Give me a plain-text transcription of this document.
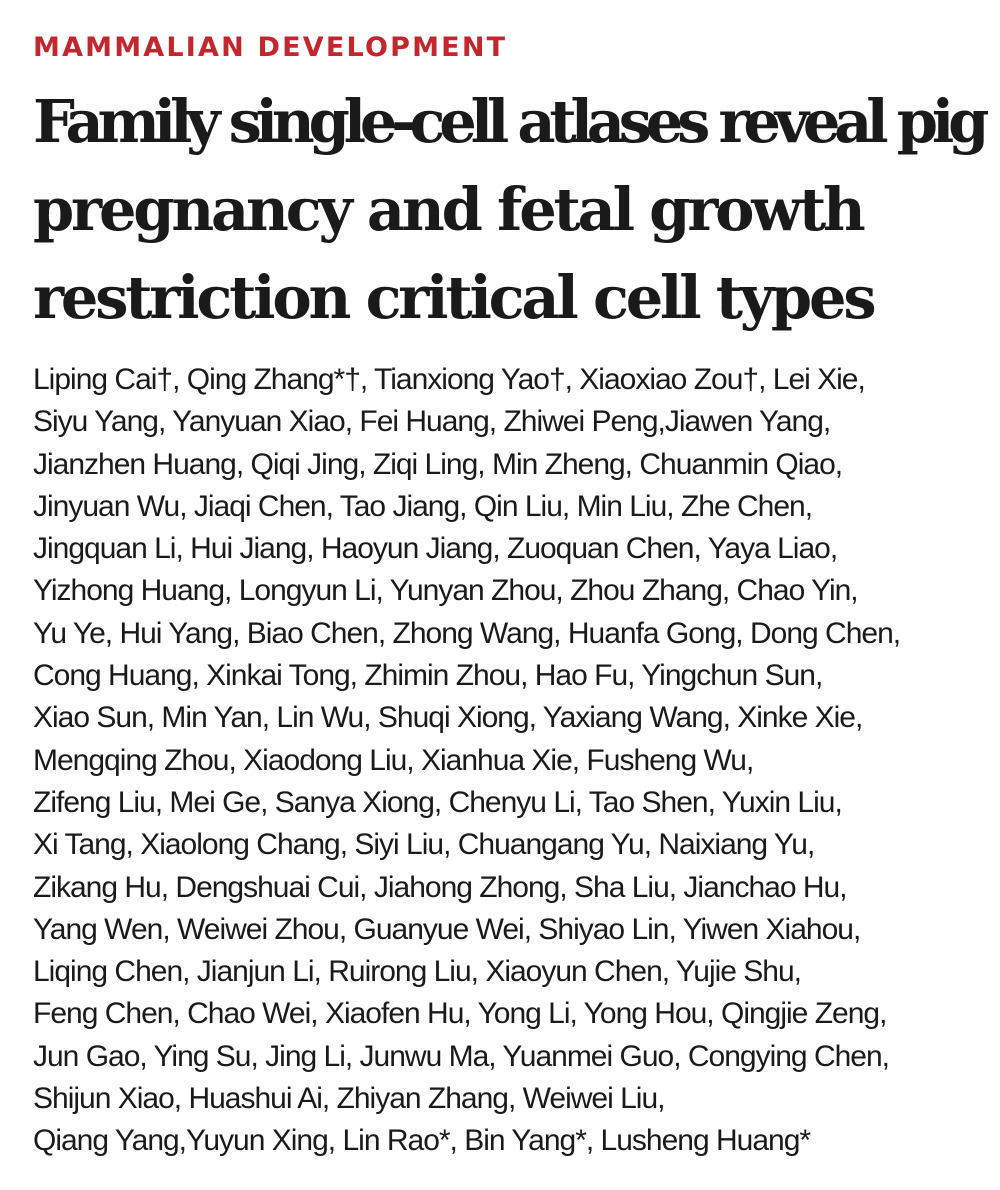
MAMMALIAN DEVELOPMENT
Family single-cell atlases reveal pig
pregnancy and fetal growth
restriction critical cell types
Liping Cai†, Qing Zhang*†, Tianxiong Yao†, Xiaoxiao Zou†, Lei Xie,
Siyu Yang, Yanyuan Xiao, Fei Huang, Zhiwei Peng,Jiawen Yang,
Jianzhen Huang, Qiqi Jing, Ziqi Ling, Min Zheng, Chuanmin Qiao,
Jinyuan Wu, Jiaqi Chen, Tao Jiang, Qin Liu, Min Liu, Zhe Chen,
Jingquan Li, Hui Jiang, Haoyun Jiang, Zuoquan Chen, Yaya Liao,
Yizhong Huang, Longyun Li, Yunyan Zhou, Zhou Zhang, Chao Yin,
Yu Ye, Hui Yang, Biao Chen, Zhong Wang, Huanfa Gong, Dong Chen,
Cong Huang, Xinkai Tong, Zhimin Zhou, Hao Fu, Yingchun Sun,
Xiao Sun, Min Yan, Lin Wu, Shuqi Xiong, Yaxiang Wang, Xinke Xie,
Mengqing Zhou, Xiaodong Liu, Xianhua Xie, Fusheng Wu,
Zifeng Liu, Mei Ge, Sanya Xiong, Chenyu Li, Tao Shen, Yuxin Liu,
Xi Tang, Xiaolong Chang, Siyi Liu, Chuangang Yu, Naixiang Yu,
Zikang Hu, Dengshuai Cui, Jiahong Zhong, Sha Liu, Jianchao Hu,
Yang Wen, Weiwei Zhou, Guanyue Wei, Shiyao Lin, Yiwen Xiahou,
Liqing Chen, Jianjun Li, Ruirong Liu, Xiaoyun Chen, Yujie Shu,
Feng Chen, Chao Wei, Xiaofen Hu, Yong Li, Yong Hou, Qingjie Zeng,
Jun Gao, Ying Su, Jing Li, Junwu Ma, Yuanmei Guo, Congying Chen,
Shijun Xiao, Huashui Ai, Zhiyan Zhang, Weiwei Liu,
Qiang Yang,Yuyun Xing, Lin Rao*, Bin Yang*, Lusheng Huang*
